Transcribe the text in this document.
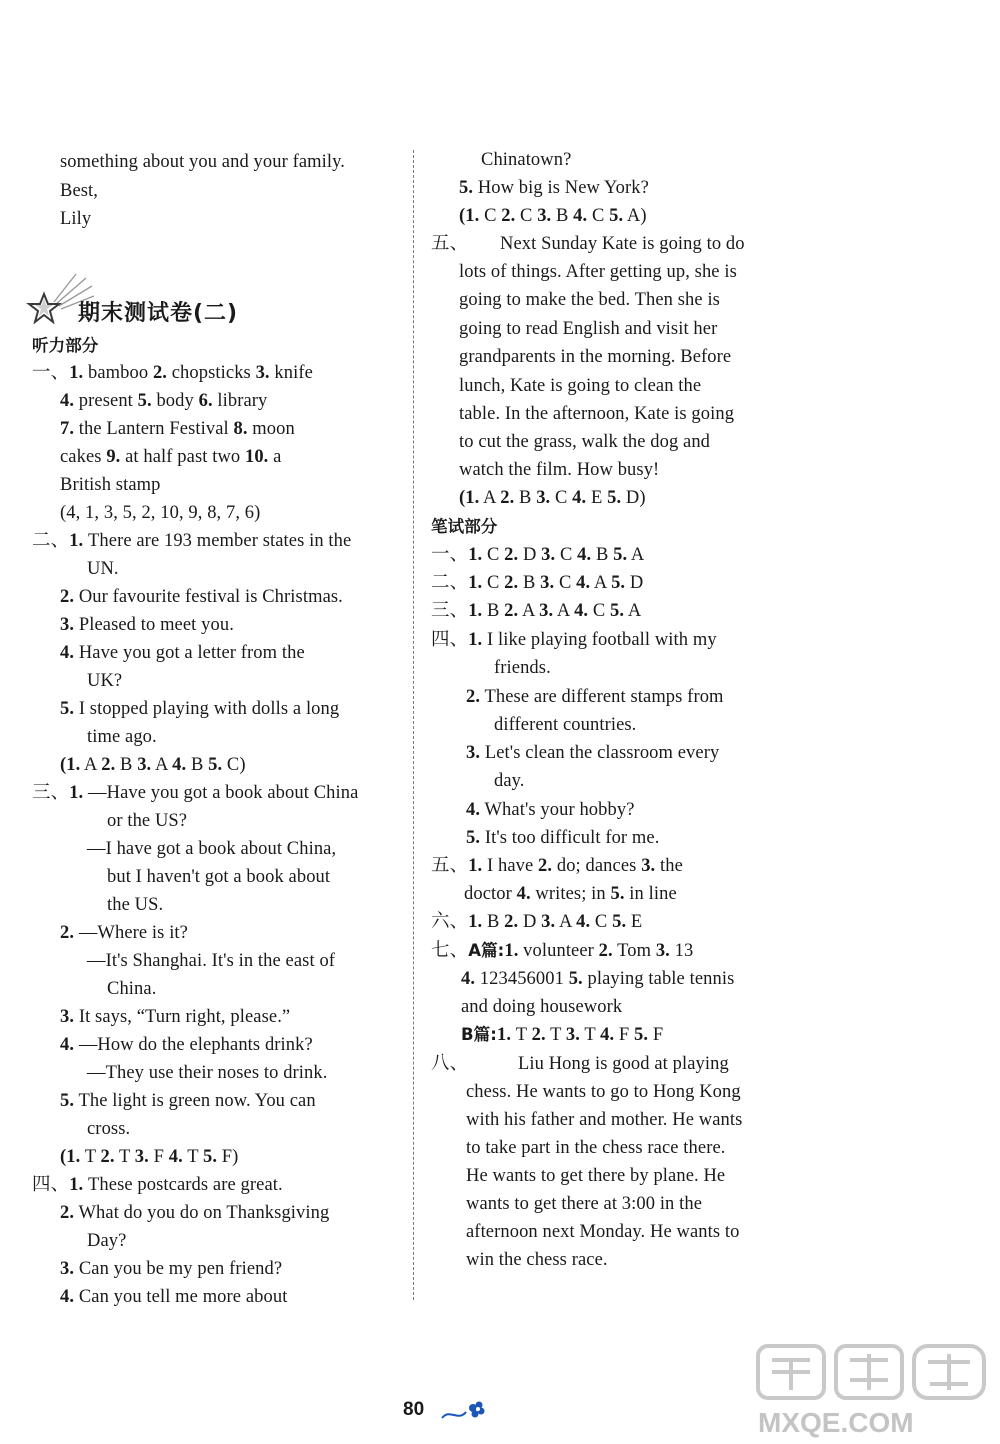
something about you and your family.
Best,
Lily
期末测试卷(二)
听力部分
一、1. bamboo 2. chopsticks 3. knife
4. present 5. body 6. library
7. the Lantern Festival 8. moon
cakes 9. at half past two 10. a
British stamp
(4, 1, 3, 5, 2, 10, 9, 8, 7, 6)
二、1. There are 193 member states in the
UN.
2. Our favourite festival is Christmas.
3. Pleased to meet you.
4. Have you got a letter from the
UK?
5. I stopped playing with dolls a long
time ago.
(1. A 2. B 3. A 4. B 5. C)
三、1. —Have you got a book about China
or the US?
—I have got a book about China,
but I haven't got a book about
the US.
2. —Where is it?
—It's Shanghai. It's in the east of
China.
3. It says, “Turn right, please.”
4. —How do the elephants drink?
—They use their noses to drink.
5. The light is green now. You can
cross.
(1. T 2. T 3. F 4. T 5. F)
四、1. These postcards are great.
2. What do you do on Thanksgiving
Day?
3. Can you be my pen friend?
4. Can you tell me more about
Chinatown?
5. How big is New York?
(1. C 2. C 3. B 4. C 5. A)
五、 Next Sunday Kate is going to do
lots of things. After getting up, she is
going to make the bed. Then she is
going to read English and visit her
grandparents in the morning. Before
lunch, Kate is going to clean the
table. In the afternoon, Kate is going
to cut the grass, walk the dog and
watch the film. How busy!
(1. A 2. B 3. C 4. E 5. D)
笔试部分
一、1. C 2. D 3. C 4. B 5. A
二、1. C 2. B 3. C 4. A 5. D
三、1. B 2. A 3. A 4. C 5. A
四、1. I like playing football with my
friends.
2. These are different stamps from
different countries.
3. Let's clean the classroom every
day.
4. What's your hobby?
5. It's too difficult for me.
五、1. I have 2. do; dances 3. the
doctor 4. writes; in 5. in line
六、1. B 2. D 3. A 4. C 5. E
七、A篇:1. volunteer 2. Tom 3. 13
4. 123456001 5. playing table tennis
and doing housework
B篇:1. T 2. T 3. T 4. F 5. F
八、	Liu Hong is good at playing
chess. He wants to go to Hong Kong
with his father and mother. He wants
to take part in the chess race there.
He wants to get there by plane. He
wants to get there at 3:00 in the
afternoon next Monday. He wants to
win the chess race.
80	MXQE.COM
